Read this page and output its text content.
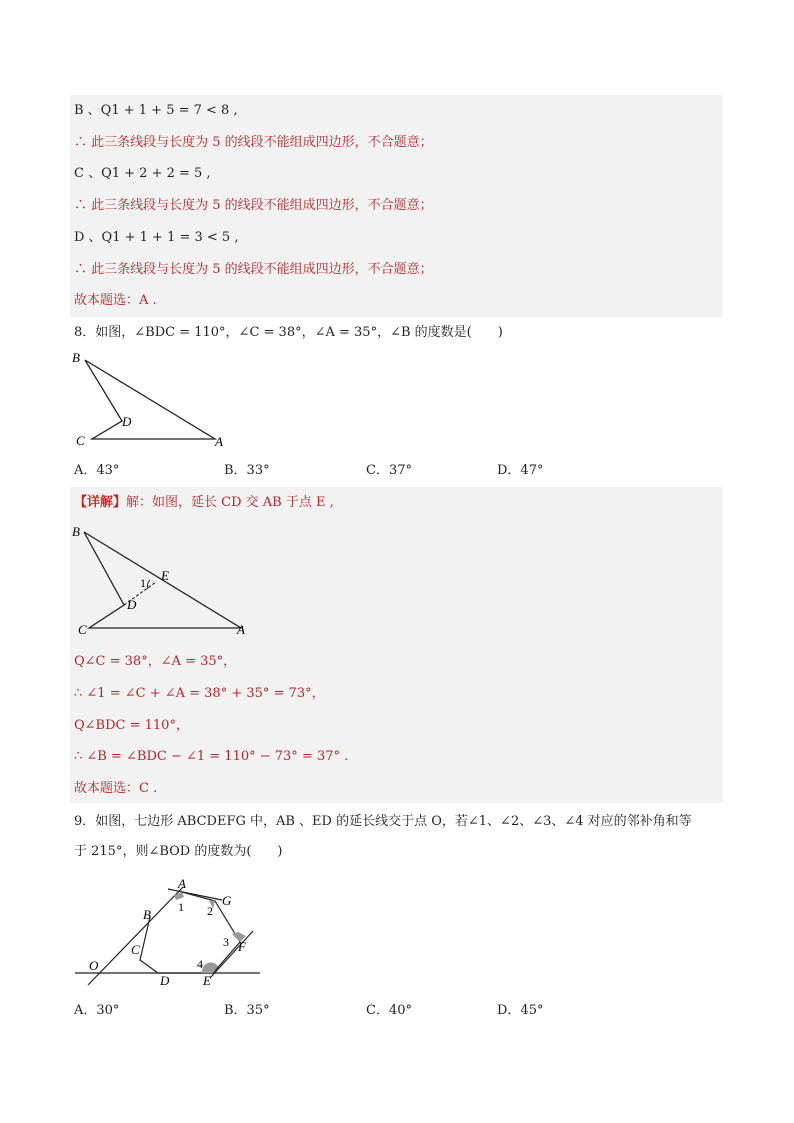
B 、Q1 + 1 + 5 = 7 < 8 ,
∴ 此三条线段与长度为 5 的线段不能组成四边形，不合题意；
C 、Q1 + 2 + 2 = 5 ,
∴ 此三条线段与长度为 5 的线段不能组成四边形，不合题意；
D 、Q1 + 1 + 1 = 3 < 5 ,
∴ 此三条线段与长度为 5 的线段不能组成四边形，不合题意；
故本题选：A .
8．如图，∠BDC = 110°，∠C = 38°，∠A = 35°，∠B 的度数是(　　)
B
C
D
A
A．43°	B．33°	C．37°	D．47°
【详解】解：如图，延长 CD 交 AB 于点 E ,
B
E
1
D
C	A
Q∠C = 38°，∠A = 35°，
∴ ∠1 = ∠C + ∠A = 38° + 35° = 73°，
Q∠BDC = 110°，
∴ ∠B = ∠BDC − ∠1 = 110° − 73° = 37° .
故本题选：C .
9．如图，七边形 ABCDEFG 中，AB 、ED 的延长线交于点 O，若∠1、∠2、∠3、∠4 对应的邻补角和等
于 215°，则∠BOD 的度数为(　　)
A
G
1 2
B
3 F
C
4
O
D	E
A．30°	B．35°	C．40°	D．45°
